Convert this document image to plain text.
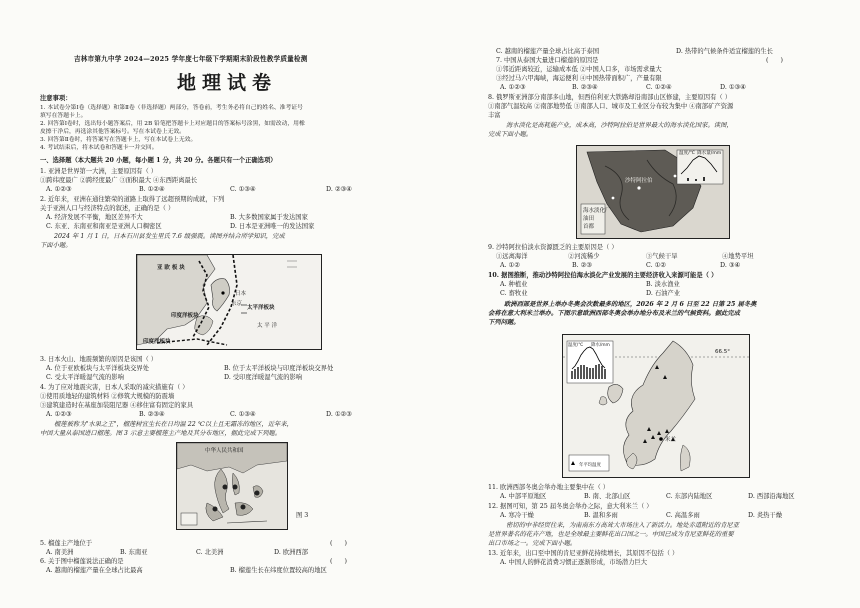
吉林市第九中学 2024—2025 学年度七年级下学期期末阶段性教学质量检测
地理试卷
注意事项：
1. 本试卷分第Ⅰ卷（选择题）和第Ⅱ卷（非选择题）两部分，答卷前，考生务必将自己的姓名、准考证号
填写在答题卡上。
2. 回答第Ⅰ卷时，选出每小题答案后，用 2B 铅笔把答题卡上对应题目的答案标号涂黑，如需改动，用橡
皮擦干净后，再选涂其他答案标号。写在本试卷上无效。
3. 回答第Ⅱ卷时，将答案写在答题卡上，写在本试卷上无效。
4. 考试结束后，将本试卷和答题卡一并交回。
一、选择题（本大题共 20 小题，每小题 1 分，共 20 分。各题只有一个正确选项）
1. 亚洲是世界第一大洲，主要原因有（ ）
①跨纬度最广 ②跨经度最广 ③面积最大 ④东西距离最长
A. ①②③	B. ①②④	C. ①③④	D. ②③④
2. 近年来，亚洲在通往繁荣的道路上取得了远超预期的成就，下列
关于亚洲人口与经济特点的叙述，正确的是（ ）
A. 经济发展不平衡，地区差异不大	B. 大多数国家属于发达国家
C. 东亚、东南亚和南亚是亚洲人口稠密区	D. 日本是亚洲唯一的发达国家
2024 年 1 月 1 日，日本石川县发生里氏 7.6 级强震。读图并结合所学知识，完成
下面小题。
亚 欧 板 块
日本
太平洋板块
东京
印度洋板块
太 平 洋
印度洋板块
3. 日本火山、地震频繁的原因是该国（ ）
A. 位于亚欧板块与太平洋板块交界处	B. 位于太平洋板块与印度洋板块交界处
C. 受太平洋暖湿气流的影响	D. 受印度洋暖湿气流的影响
4. 为了应对地震灾害，日本人采取的减灾措施有（ ）
①使用质地轻的建筑材料 ②修筑大规模的防震墙
③建筑建造时在基座加装阻尼器 ④移住富有固定的家具
A. ①②③	B. ②③④	C. ①③④	D. ①②③
榴莲被称为"水果之王"，榴莲树宜生长在日均温 22 ℃以上且无霜冻的地区，近年来，
中国大量从泰国进口榴莲。图 3 示意主要榴莲主产地及其分布地区，据此完成下列题。
中华人民共和国
图 3
5. 榴莲主产地位于	(      )
A. 南美洲	B. 东南亚	C. 北美洲	D. 欧洲西部
6. 关于图中榴莲说法正确的是	(      )
A. 越南的榴莲产量在全球占比最高	B. 榴莲生长在纬度位置较高的地区
C. 越南的榴莲产量全球占比高于泰国	D. 热带的气候条件适宜榴莲的生长
7. 中国从泰国大量进口榴莲的原因是	(      )
①邻近距离较近，运输成本低 ②中国人口多，市场需求量大
③经过马六甲海峡，海运便利 ④中国热带面积广，产量有限
A. ①②③	B. ②③④	C. ①②④	D. ①③④
8. 俄罗斯亚洲部分南部多山地，但西伯利亚大铁路却沿南部山区修建，主要原因有（ ）
①南部气温较高 ②南部地势低 ③南部人口、城市及工业区分布较为集中 ④南部矿产资源
丰富
海水淡化是高耗能产业，成本高，沙特阿拉伯是世界最大的海水淡化国家。读图，
完成下面小题。
沙特阿拉伯
海水淡化厂
油田
首都
温度/℃ 降水量/mm
9. 沙特阿拉伯淡水资源匮乏的主要原因是（ ）
①远离海洋	②河流稀少	③气候干旱	④地势平坦
A. ①②	B. ②③	C. ①②	D. ③④
10. 据图推断，推动沙特阿拉伯海水淡化产业发展的主要经济收入来源可能是（ ）
A. 种植业	B. 淡水渔业
C. 畜牧业	D. 石油产业
欧洲西部是世界上举办冬奥会次数最多的地区，2026 年 2 月 6 日至 22 日第 25 届冬奥
会将在意大利米兰举办。下图示意欧洲西部冬奥会举办地分布及米兰的气候资料。据此完成
下列问题。
66.5°
米兰
温度/℃ 降水/mm
年平均温度
11. 欧洲西部冬奥会举办地主要集中在（ ）
A. 中部平原地区	B. 南、北部山区	C. 东部内陆地区	D. 西部沿海地区
12. 据图可知，第 25 届冬奥会举办之际，意大利米兰（ ）
A. 寒冷干燥	B. 温和多雨	C. 高温多雨	D. 炎热干燥
密切的中非经贸往来，为南南东方高耸大市场注入了新活力。地处赤道附近的肯尼亚
是世界著名的花卉产地，也是全球最主要鲜花出口国之一。中国已成为肯尼亚鲜花的重要
出口市场之一。完成下面小题。
13. 近年来，出口至中国的肯尼亚鲜花持续增长，其原因不包括（ ）
A. 中国人的鲜花消费习惯正逐渐形成，市场潜力巨大
